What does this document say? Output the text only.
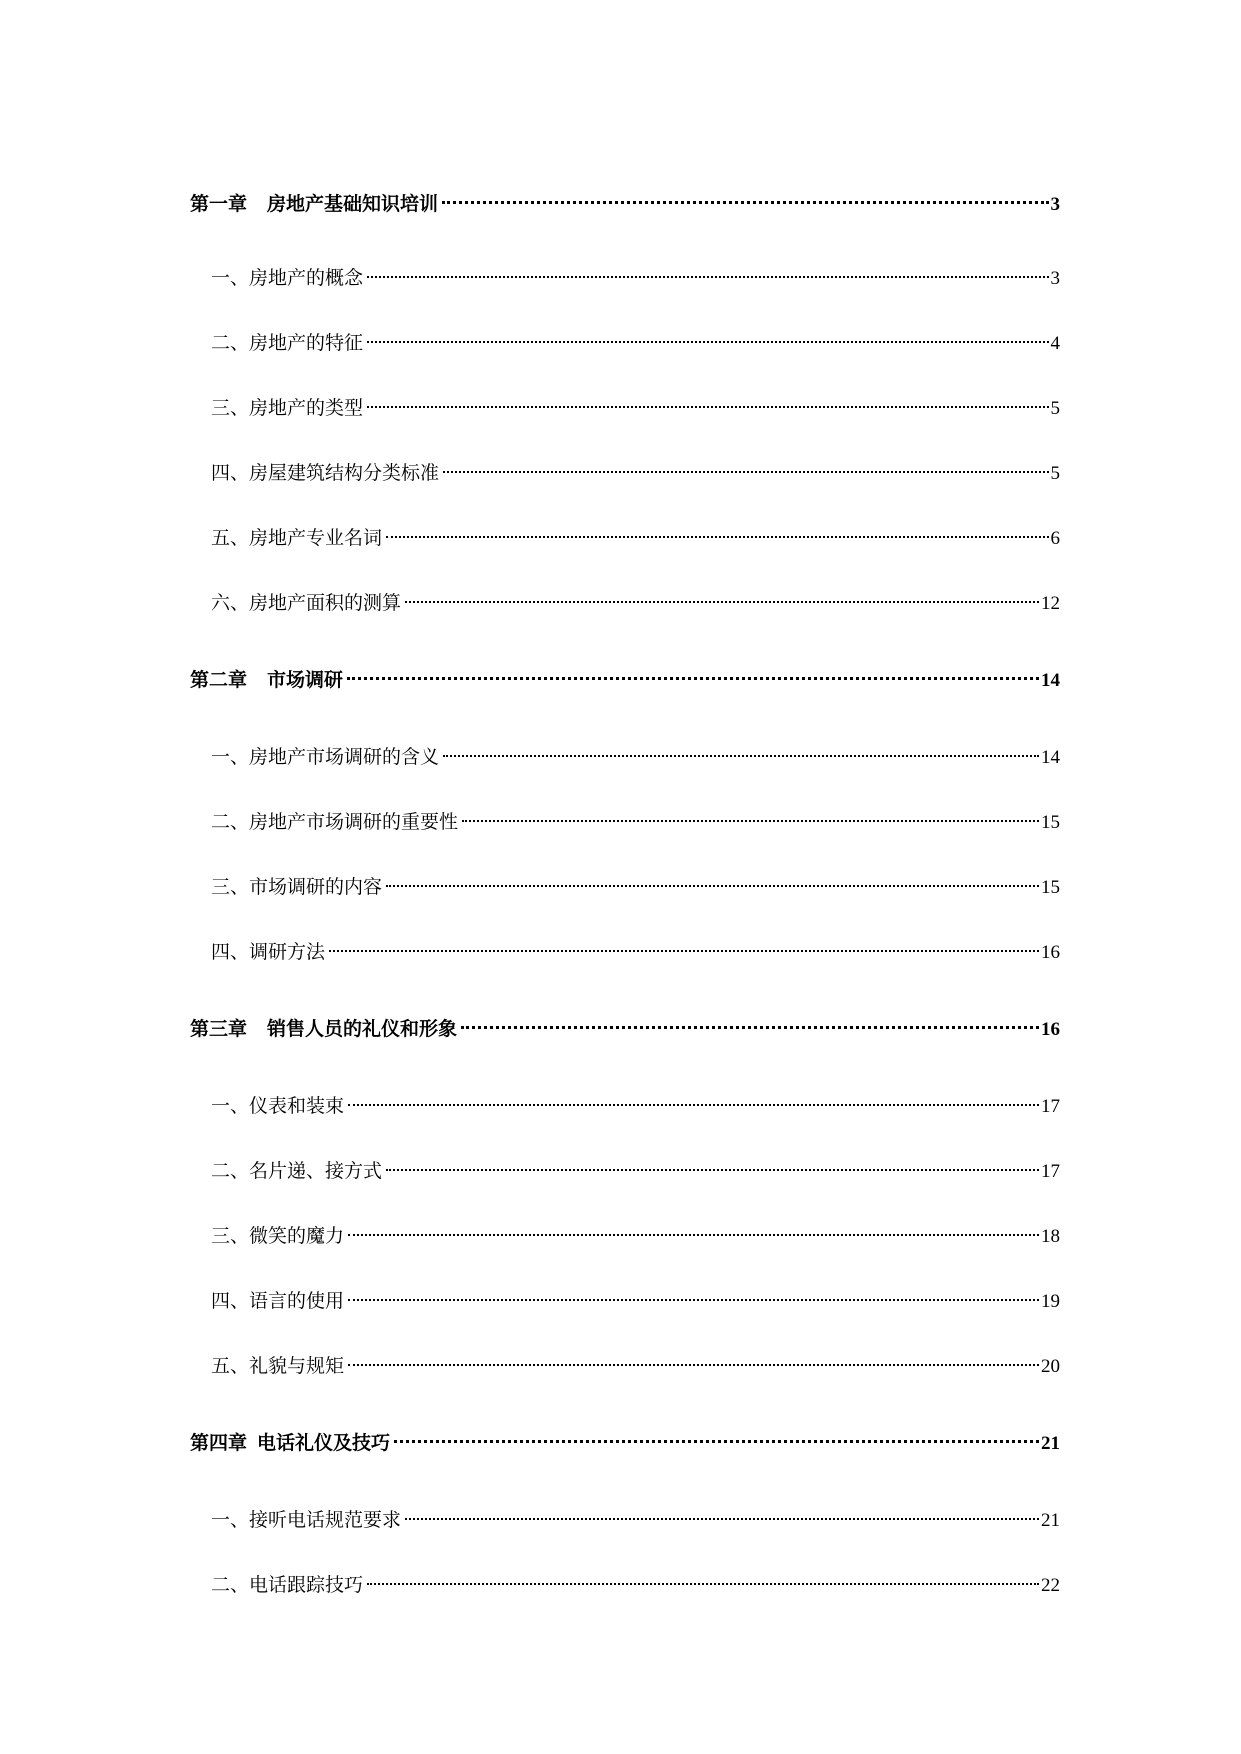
第一章 房地产基础知识培训	3
一、房地产的概念	3
二、房地产的特征	4
三、房地产的类型	5
四、房屋建筑结构分类标准	5
五、房地产专业名词	6
六、房地产面积的测算	12
第二章 市场调研	14
一、房地产市场调研的含义	14
二、房地产市场调研的重要性	15
三、市场调研的内容	15
四、调研方法	16
第三章 销售人员的礼仪和形象	16
一、仪表和装束	17
二、名片递、接方式	17
三、微笑的魔力	18
四、语言的使用	19
五、礼貌与规矩	20
第四章 电话礼仪及技巧	21
一、接听电话规范要求	21
二、电话跟踪技巧	22
